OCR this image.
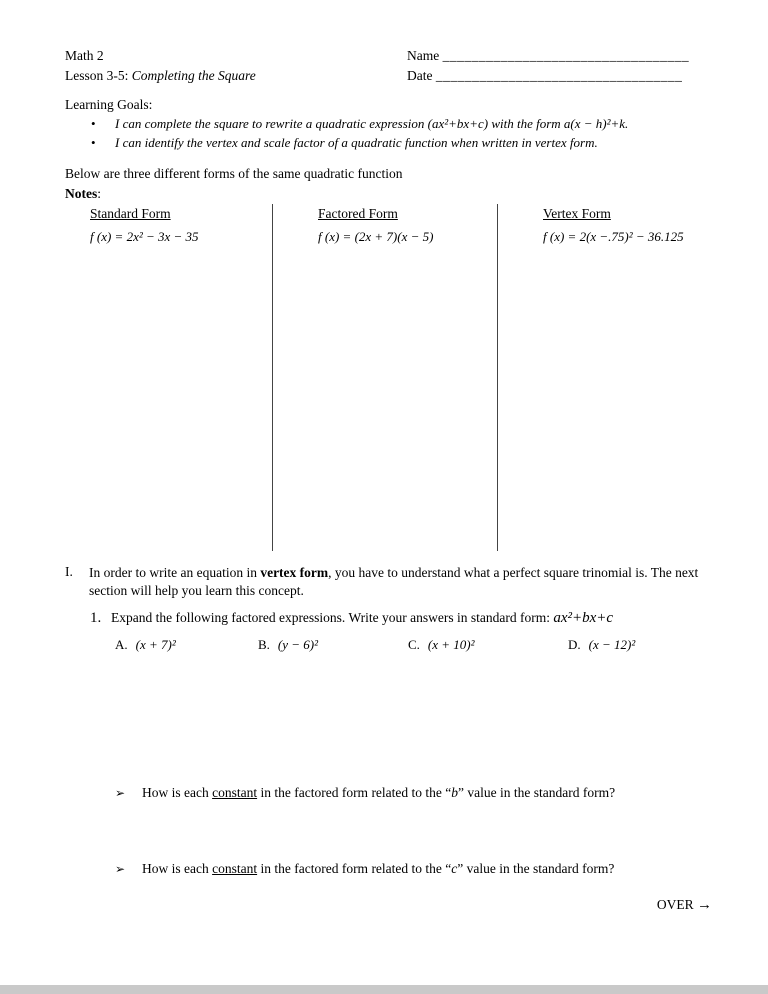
Math 2
Lesson 3-5: Completing the Square
Name __________________________________
Date __________________________________
Learning Goals:
•	I can complete the square to rewrite a quadratic expression (ax²+bx+c) with the form a(x − h)²+k.
•	I can identify the vertex and scale factor of a quadratic function when written in vertex form.
Below are three different forms of the same quadratic function
Notes:
Standard Form
f (x) = 2x² − 3x − 35
Factored Form
f (x) = (2x + 7)(x − 5)
Vertex Form
f (x) = 2(x −.75)² − 36.125
I.	In order to write an equation in vertex form, you have to understand what a perfect square trinomial is. The next section will help you learn this concept.
1. Expand the following factored expressions. Write your answers in standard form: ax²+bx+c
A. (x + 7)²	B. (y − 6)²	C. (x + 10)²	D. (x − 12)²
➢	How is each constant in the factored form related to the “b” value in the standard form?
➢	How is each constant in the factored form related to the “c” value in the standard form?
OVER →
